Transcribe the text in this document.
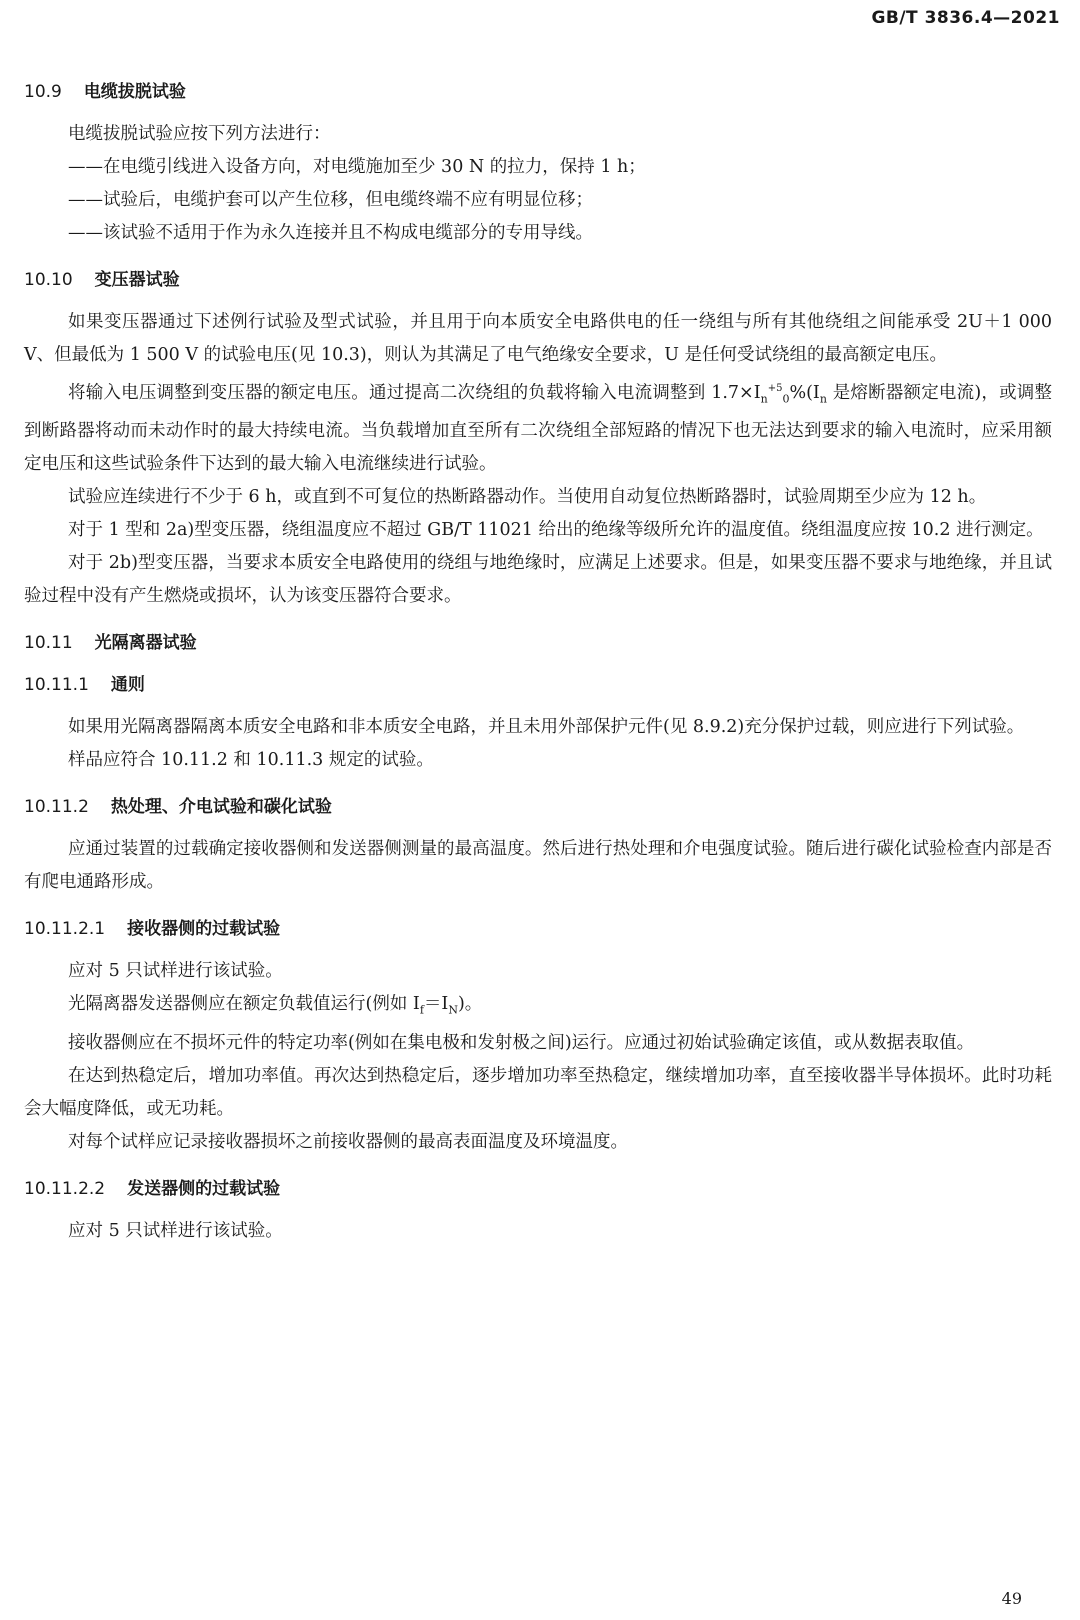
GB/T 3836.4—2021
10.9 电缆拔脱试验

电缆拔脱试验应按下列方法进行：

——在电缆引线进入设备方向，对电缆施加至少 30 N 的拉力，保持 1 h；

——试验后，电缆护套可以产生位移，但电缆终端不应有明显位移；

——该试验不适用于作为永久连接并且不构成电缆部分的专用导线。

10.10 变压器试验

如果变压器通过下述例行试验及型式试验，并且用于向本质安全电路供电的任一绕组与所有其他绕组之间能承受 2U＋1 000 V、但最低为 1 500 V 的试验电压(见 10.3)，则认为其满足了电气绝缘安全要求，U 是任何受试绕组的最高额定电压。

将输入电压调整到变压器的额定电压。通过提高二次绕组的负载将输入电流调整到 $1.7\times I_n^{+5}_0\%(I_n$ 是熔断器额定电流)，或调整到断路器将动而未动作时的最大持续电流。当负载增加直至所有二次绕组全部短路的情况下也无法达到要求的输入电流时，应采用额定电压和这些试验条件下达到的最大输入电流继续进行试验。

试验应连续进行不少于 6 h，或直到不可复位的热断路器动作。当使用自动复位热断路器时，试验周期至少应为 12 h。

对于 1 型和 2a)型变压器，绕组温度应不超过 GB/T 11021 给出的绝缘等级所允许的温度值。绕组温度应按 10.2 进行测定。

对于 2b)型变压器，当要求本质安全电路使用的绕组与地绝缘时，应满足上述要求。但是，如果变压器不要求与地绝缘，并且试验过程中没有产生燃烧或损坏，认为该变压器符合要求。

10.11 光隔离器试验
10.11.1 通则

如果用光隔离器隔离本质安全电路和非本质安全电路，并且未用外部保护元件(见 8.9.2)充分保护过载，则应进行下列试验。

样品应符合 10.11.2 和 10.11.3 规定的试验。

10.11.2 热处理、介电试验和碳化试验

应通过装置的过载确定接收器侧和发送器侧测量的最高温度。然后进行热处理和介电强度试验。随后进行碳化试验检查内部是否有爬电通路形成。

10.11.2.1 接收器侧的过载试验

应对 5 只试样进行该试验。

光隔离器发送器侧应在额定负载值运行(例如 $I_f=I_N$)。

接收器侧应在不损坏元件的特定功率(例如在集电极和发射极之间)运行。应通过初始试验确定该值，或从数据表取值。

在达到热稳定后，增加功率值。再次达到热稳定后，逐步增加功率至热稳定，继续增加功率，直至接收器半导体损坏。此时功耗会大幅度降低，或无功耗。

对每个试样应记录接收器损坏之前接收器侧的最高表面温度及环境温度。

10.11.2.2 发送器侧的过载试验

应对 5 只试样进行该试验。

49
